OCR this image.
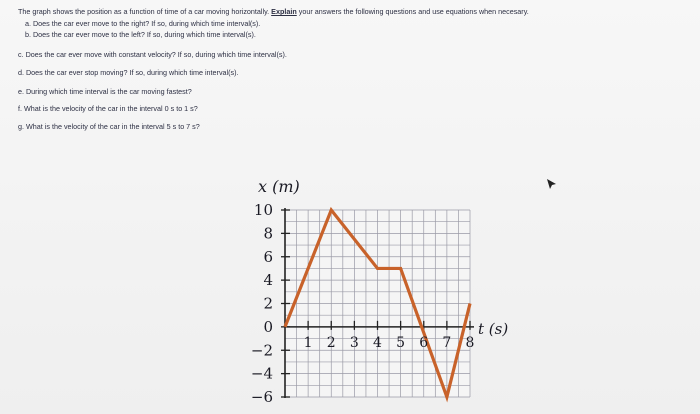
The graph shows the position as a function of time of a car moving horizontally. Explain your answers the following questions and use equations when necesary.
a. Does the car ever move to the right? If so, during which time interval(s).
b. Does the car ever move to the left? If so, during which time interval(s).
c. Does the car ever move with constant velocity? If so, during which time interval(s).
d. Does the car ever stop moving? If so, during which time interval(s).
e. During which time interval is the car moving fastest?
f. What is the velocity of the car in the interval 0 s to 1 s?
g. What is the velocity of the car in the interval 5 s to 7 s?
10
8
6
4
2
0
−2
−4
−6
1 2 3 4 5 6 7 8
x (m)
t (s)
